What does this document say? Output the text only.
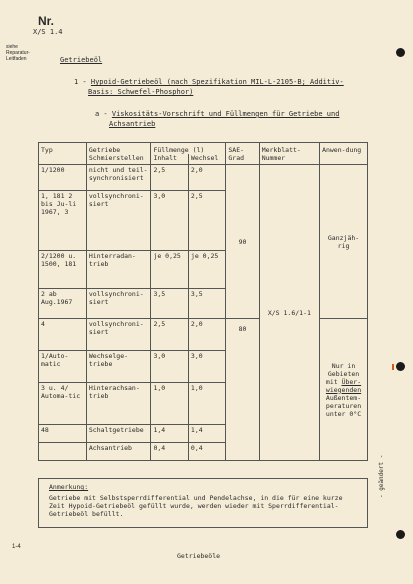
Nr.
X/S 1.4
siehe Reparatur-Leitfaden	Getriebeöl
1 - Hypoid-Getriebeöl (nach Spezifikation MIL-L-2105-B; Additiv-
Basis: Schwefel-Phosphor)
a - Viskositäts-Vorschrift und Füllmengen für Getriebe und
Achsantrieb
Typ	Getriebe Schmierstellen	Füllmenge (l)		SAE-Grad	Merkblatt-Nummer	Anwen-dung
		Inhalt	Wechsel			
1/1200	nicht und teil-synchronisiert	2,5	2,0	90	X/S 1.6/1-1	Ganzjäh-rig
1, 181 2 bis Ju-li 1967, 3	vollsynchroni-siert	3,0	2,5			
2/1200 u. 1500, 181	Hinterradan-trieb	je 0,25	je 0,25			
2 ab Aug.1967	vollsynchroni-siert	3,5	3,5			
4	vollsynchroni-siert	2,5	2,0	80		Nur in Gebieten mit Über-wiegenden Außentem-peraturen unter 0°C
1/Auto-matic	Wechselge-triebe	3,0	3,0			
3 u. 4/ Automa-tic	Hinterachsan-trieb	1,0	1,0			
48	Schaltgetriebe	1,4	1,4			
	Achsantrieb	0,4	0,4			
Anmerkung:
Getriebe mit Selbstsperrdifferential und Pendelachse, in die für eine kurze Zeit Hypoid-Getriebeöl gefüllt wurde, werden wieder mit Sperrdifferential-Getriebeöl befüllt.
- geändert -
1-4
Getriebeöle
